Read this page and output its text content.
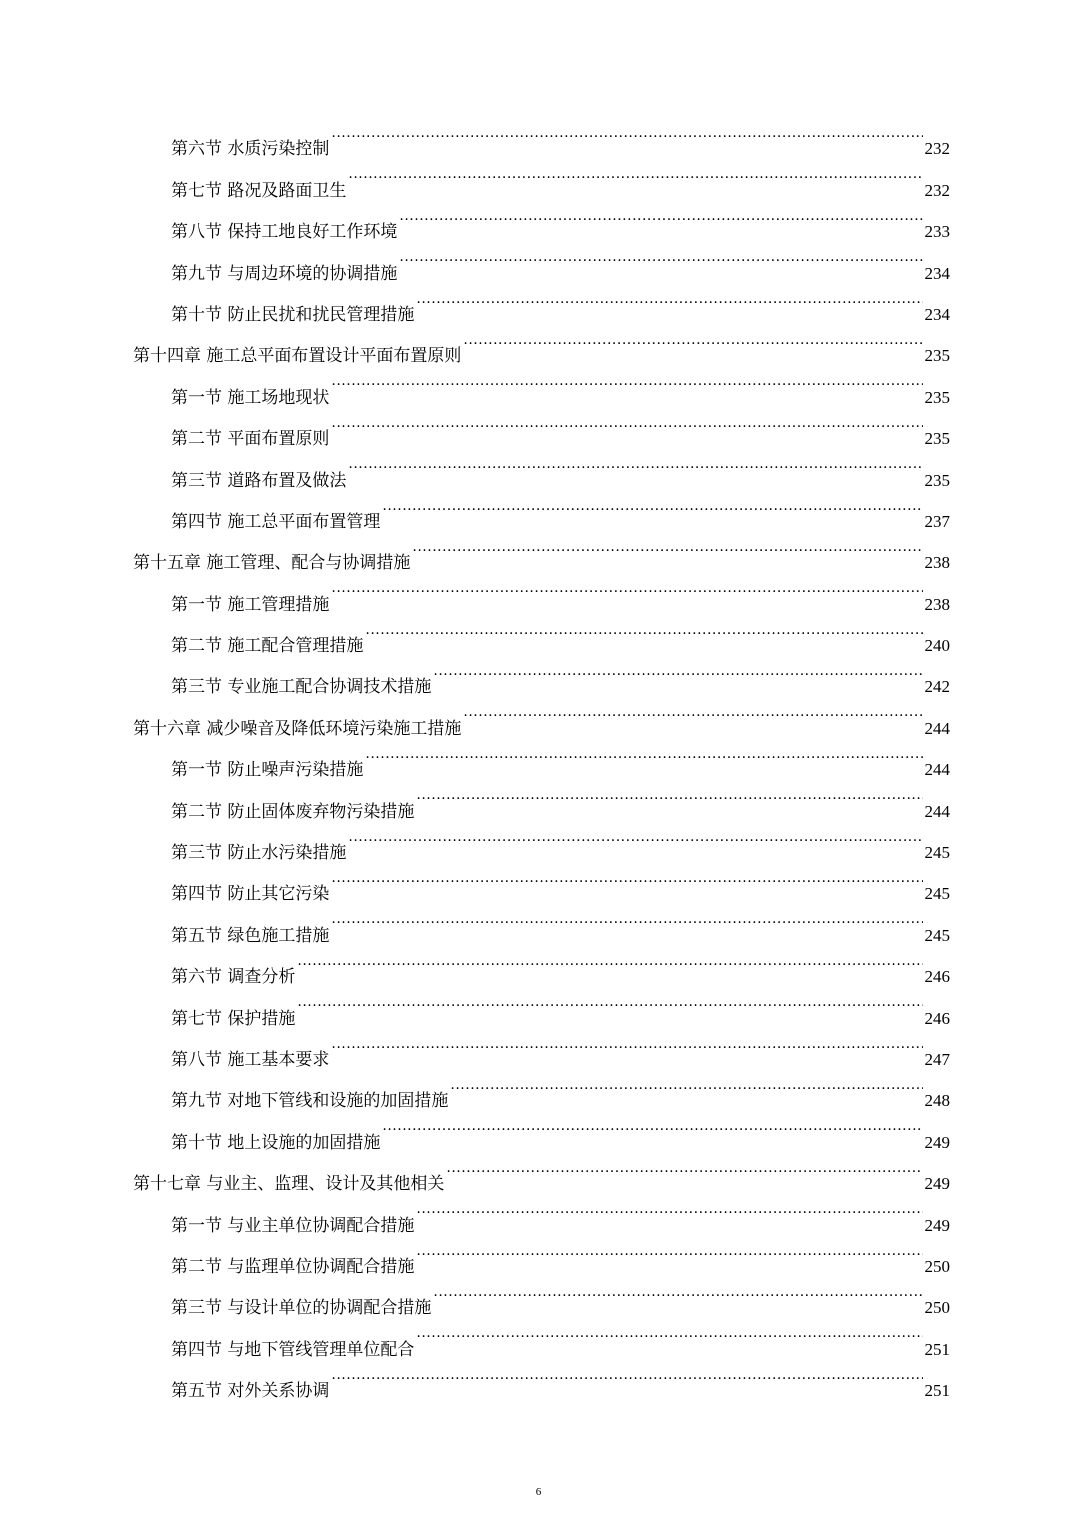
第六节 水质污染控制 .....	232
第七节 路况及路面卫生 .....	232
第八节 保持工地良好工作环境 .....	233
第九节 与周边环境的协调措施 .....	234
第十节 防止民扰和扰民管理措施 .....	234
第十四章 施工总平面布置设计平面布置原则 .....	235
第一节 施工场地现状 .....	235
第二节 平面布置原则 .....	235
第三节 道路布置及做法 .....	235
第四节 施工总平面布置管理 .....	237
第十五章 施工管理、配合与协调措施 .....	238
第一节 施工管理措施 .....	238
第二节 施工配合管理措施 .....	240
第三节 专业施工配合协调技术措施 .....	242
第十六章 减少噪音及降低环境污染施工措施 .....	244
第一节 防止噪声污染措施 .....	244
第二节 防止固体废弃物污染措施 .....	244
第三节 防止水污染措施 .....	245
第四节 防止其它污染 .....	245
第五节 绿色施工措施 .....	245
第六节 调查分析 .....	246
第七节 保护措施 .....	246
第八节 施工基本要求 .....	247
第九节 对地下管线和设施的加固措施 .....	248
第十节 地上设施的加固措施 .....	249
第十七章 与业主、监理、设计及其他相关 .....	249
第一节 与业主单位协调配合措施 .....	249
第二节 与监理单位协调配合措施 .....	250
第三节 与设计单位的协调配合措施 .....	250
第四节 与地下管线管理单位配合 .....	251
第五节 对外关系协调 .....	251
6
